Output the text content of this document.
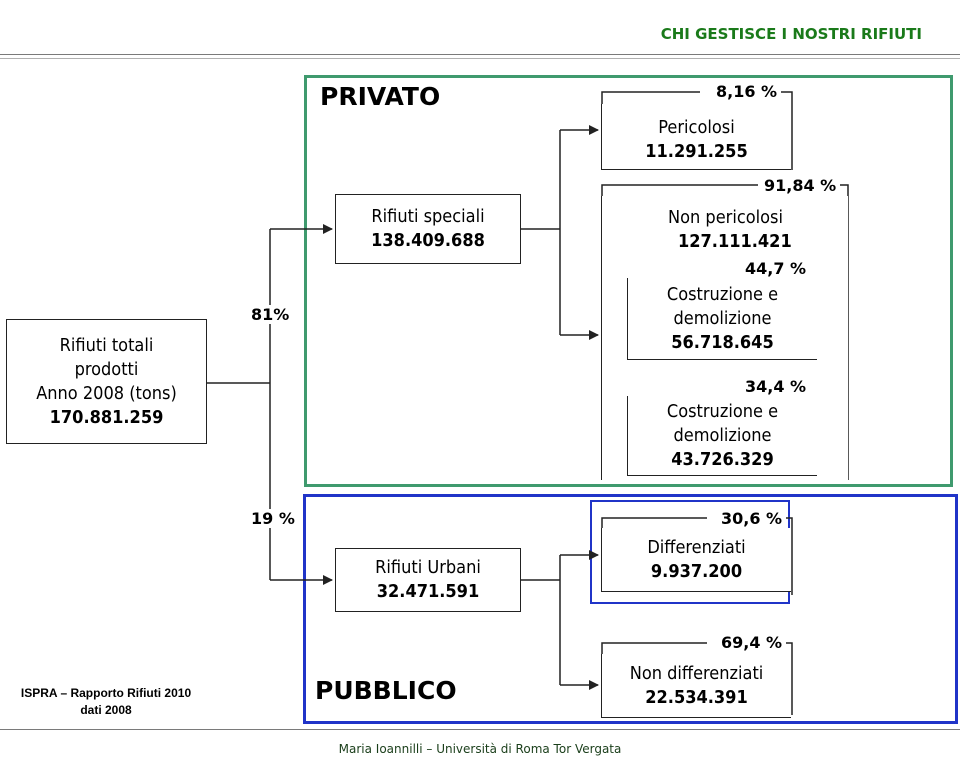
CHI GESTISCE I NOSTRI RIFIUTI
PRIVATO
PUBBLICO
Rifiuti totali
prodotti
Anno 2008 (tons)
170.881.259
81%
19 %
Rifiuti speciali
138.409.688
Pericolosi
11.291.255
8,16 %
Non pericolosi
127.111.421
91,84 %
Costruzione e
demolizione
56.718.645
44,7 %
Costruzione e
demolizione
43.726.329
34,4 %
Rifiuti Urbani
32.471.591
Differenziati
9.937.200
30,6 %
Non differenziati
22.534.391
69,4 %
ISPRA – Rapporto Rifiuti 2010
dati 2008
Maria Ioannilli – Università di Roma Tor Vergata
